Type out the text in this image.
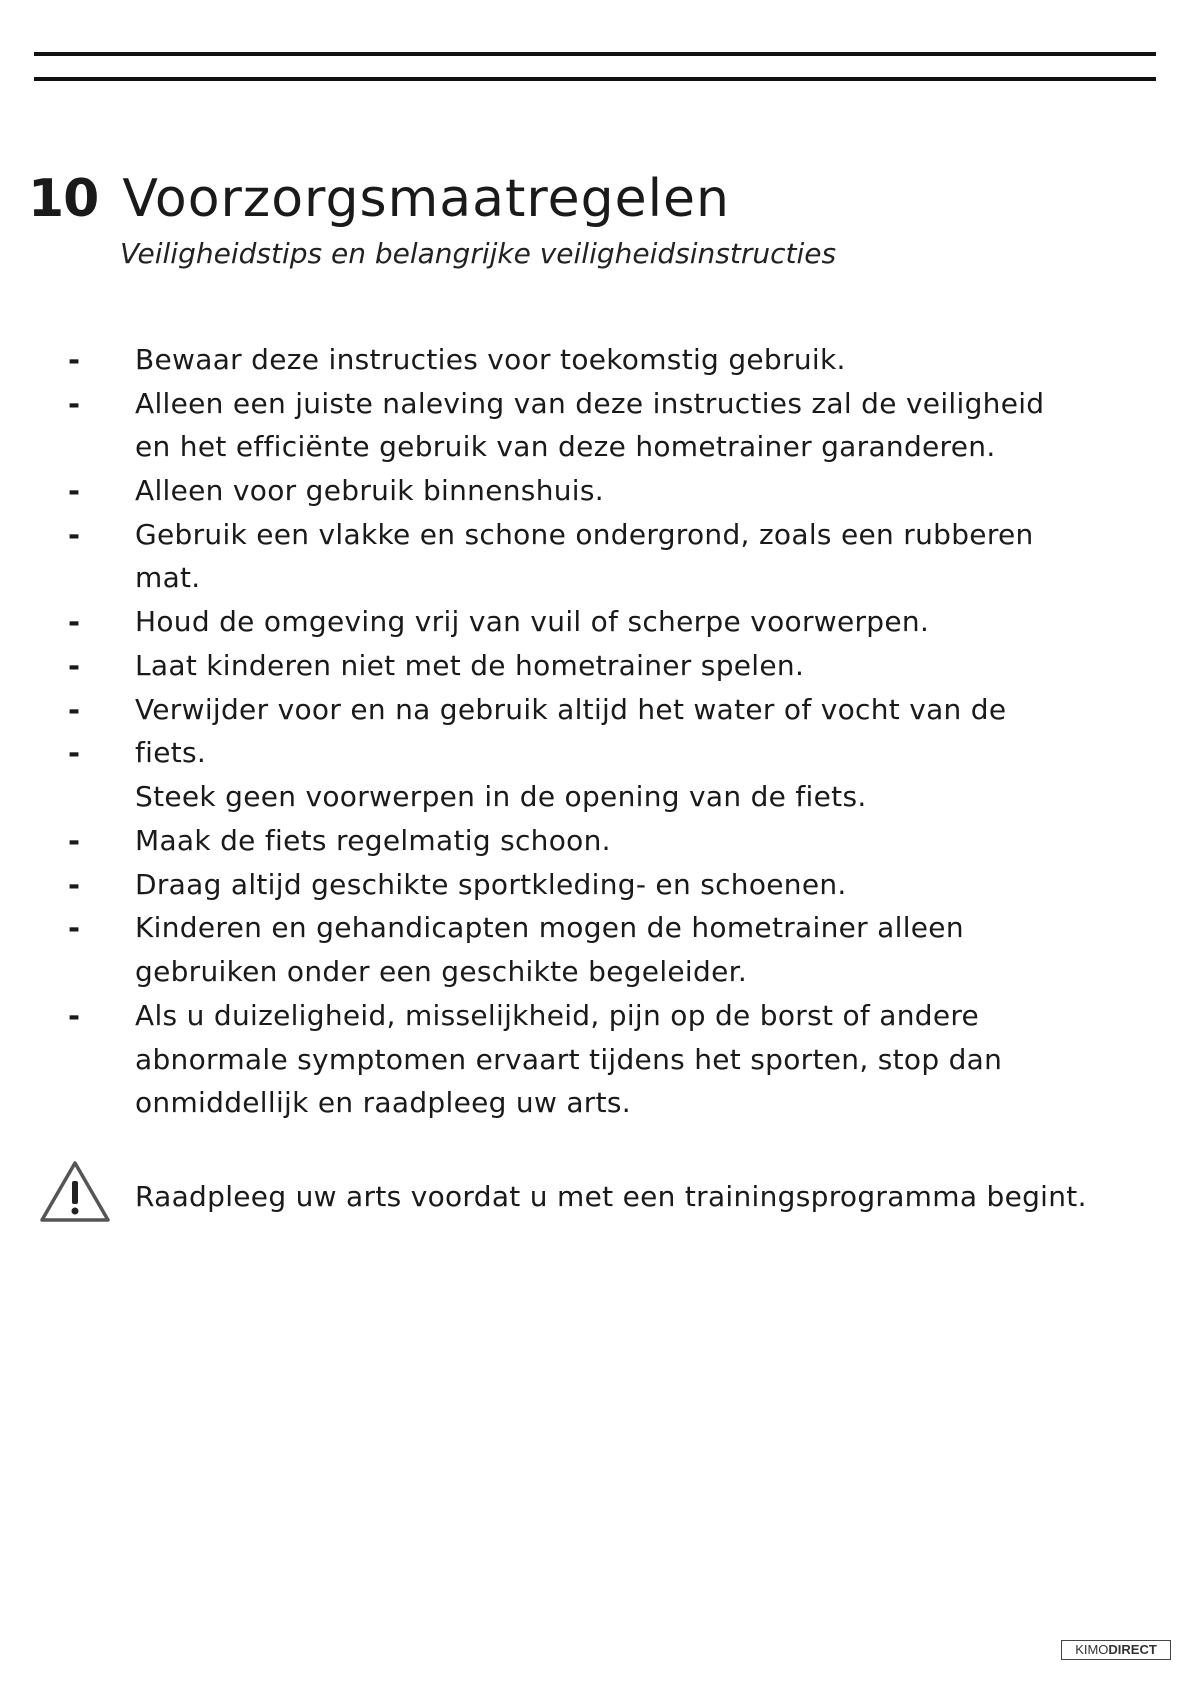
10 Voorzorgsmaatregelen
Veiligheidstips en belangrijke veiligheidsinstructies
-
-
-
-
-
-
-
-
-
-
-
-
Bewaar deze instructies voor toekomstig gebruik.
Alleen een juiste naleving van deze instructies zal de veiligheid
en het efficiënte gebruik van deze hometrainer garanderen.
Alleen voor gebruik binnenshuis.
Gebruik een vlakke en schone ondergrond, zoals een rubberen
mat.
Houd de omgeving vrij van vuil of scherpe voorwerpen.
Laat kinderen niet met de hometrainer spelen.
Verwijder voor en na gebruik altijd het water of vocht van de
fiets.
Steek geen voorwerpen in de opening van de fiets.
Maak de fiets regelmatig schoon.
Draag altijd geschikte sportkleding- en schoenen.
Kinderen en gehandicapten mogen de hometrainer alleen
gebruiken onder een geschikte begeleider.
Als u duizeligheid, misselijkheid, pijn op de borst of andere
abnormale symptomen ervaart tijdens het sporten, stop dan
onmiddellijk en raadpleeg uw arts.
Raadpleeg uw arts voordat u met een trainingsprogramma begint.
KIMODIRECT
